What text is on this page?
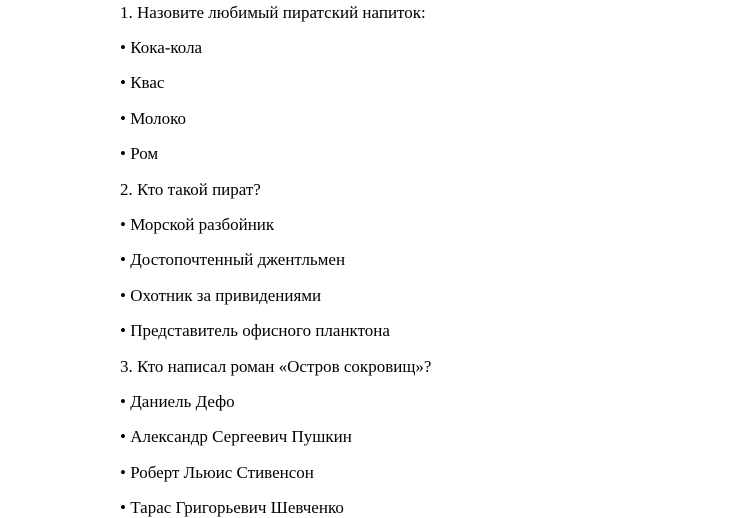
1. Назовите любимый пиратский напиток:
• Кока-кола
• Квас
• Молоко
• Ром
2. Кто такой пират?
• Морской разбойник
• Достопочтенный джентльмен
• Охотник за привидениями
• Представитель офисного планктона
3. Кто написал роман «Остров сокровищ»?
• Даниель Дефо
• Александр Сергеевич Пушкин
• Роберт Льюис Стивенсон
• Тарас Григорьевич Шевченко
